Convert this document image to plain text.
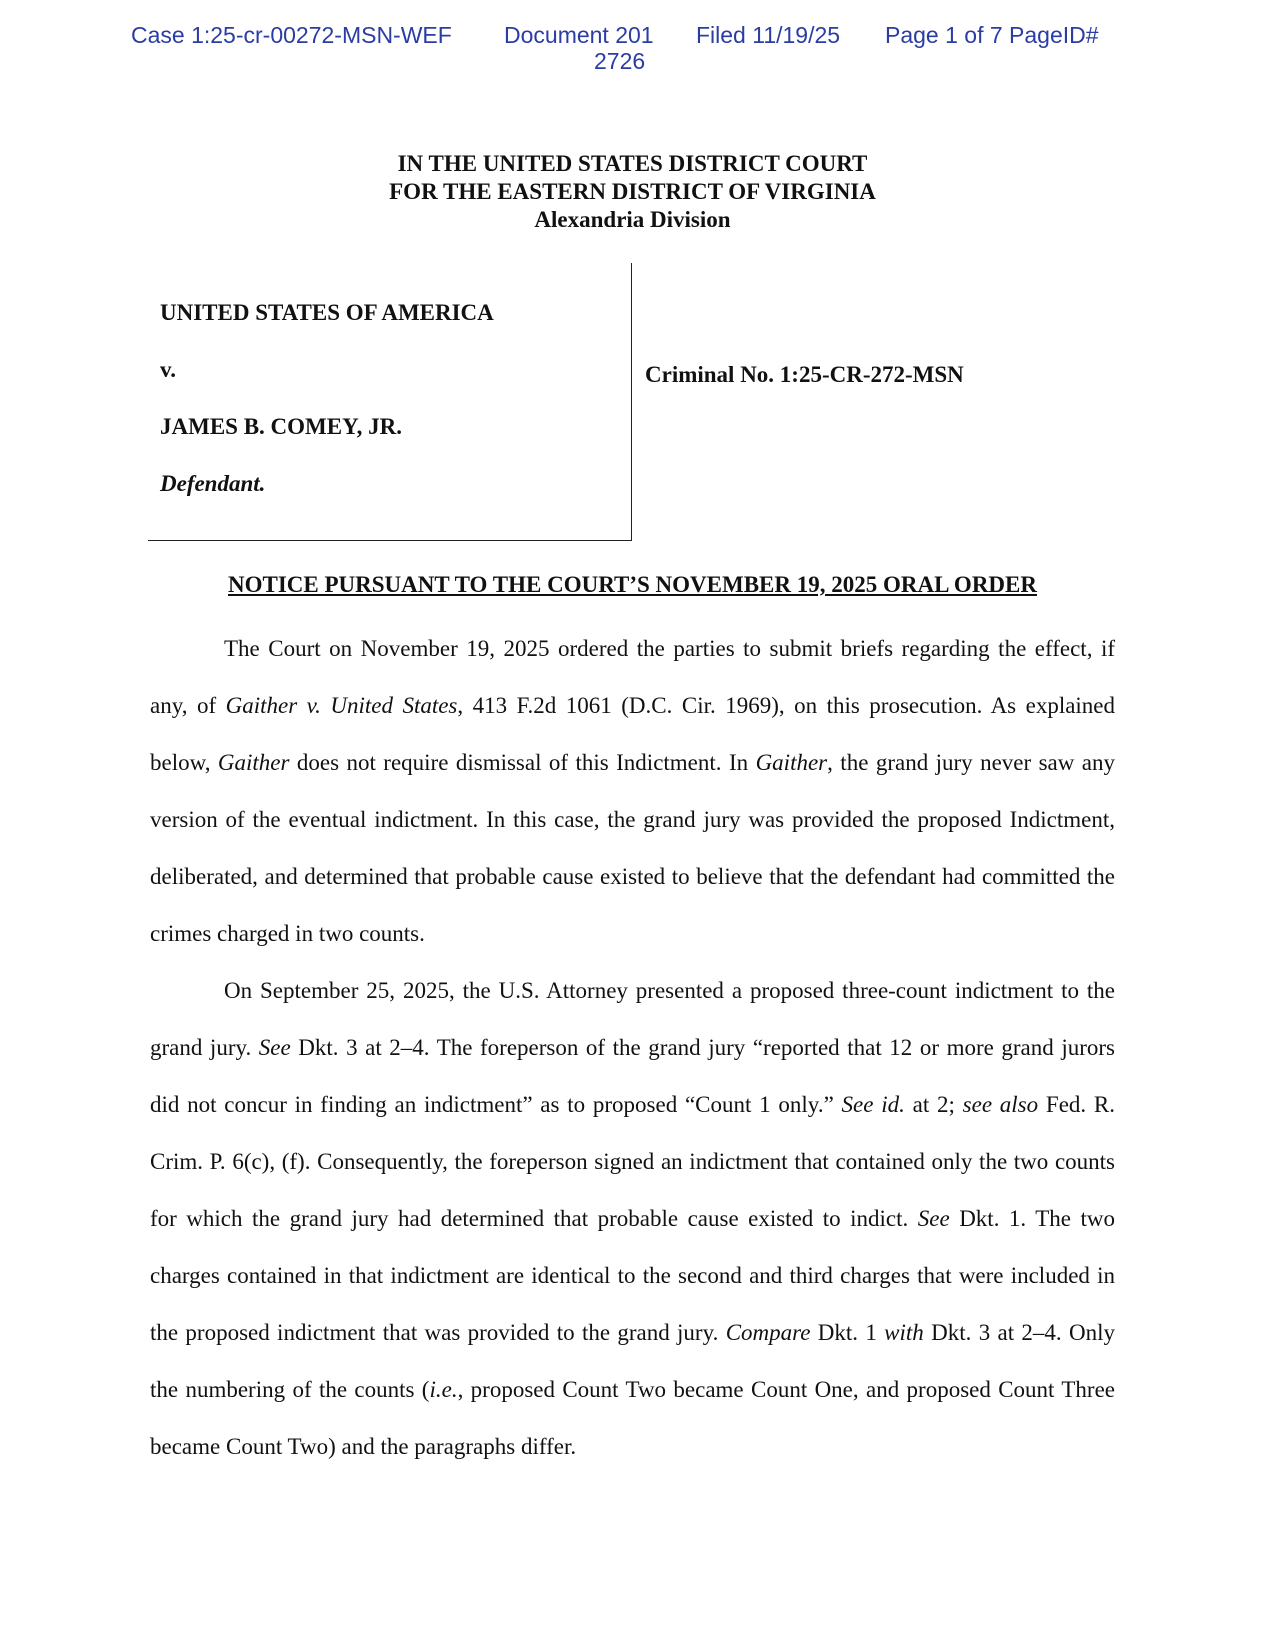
Case 1:25-cr-00272-MSN-WEF Document 201 Filed 11/19/25 Page 1 of 7 PageID#
2726
IN THE UNITED STATES DISTRICT COURT
FOR THE EASTERN DISTRICT OF VIRGINIA
Alexandria Division
UNITED STATES OF AMERICA
v.
JAMES B. COMEY, JR.
Defendant.
Criminal No. 1:25-CR-272-MSN
NOTICE PURSUANT TO THE COURT’S NOVEMBER 19, 2025 ORAL ORDER

The Court on November 19, 2025 ordered the parties to submit briefs regarding the effect, if any, of Gaither v. United States, 413 F.2d 1061 (D.C. Cir. 1969), on this prosecution. As explained below, Gaither does not require dismissal of this Indictment. In Gaither, the grand jury never saw any version of the eventual indictment. In this case, the grand jury was provided the proposed Indictment, deliberated, and determined that probable cause existed to believe that the defendant had committed the crimes charged in two counts.

On September 25, 2025, the U.S. Attorney presented a proposed three-count indictment to the grand jury. See Dkt. 3 at 2–4. The foreperson of the grand jury “reported that 12 or more grand jurors did not concur in finding an indictment” as to proposed “Count 1 only.” See id. at 2; see also Fed. R. Crim. P. 6(c), (f). Consequently, the foreperson signed an indictment that contained only the two counts for which the grand jury had determined that probable cause existed to indict. See Dkt. 1. The two charges contained in that indictment are identical to the second and third charges that were included in the proposed indictment that was provided to the grand jury. Compare Dkt. 1 with Dkt. 3 at 2–4. Only the numbering of the counts (i.e., proposed Count Two became Count One, and proposed Count Three became Count Two) and the paragraphs differ.
